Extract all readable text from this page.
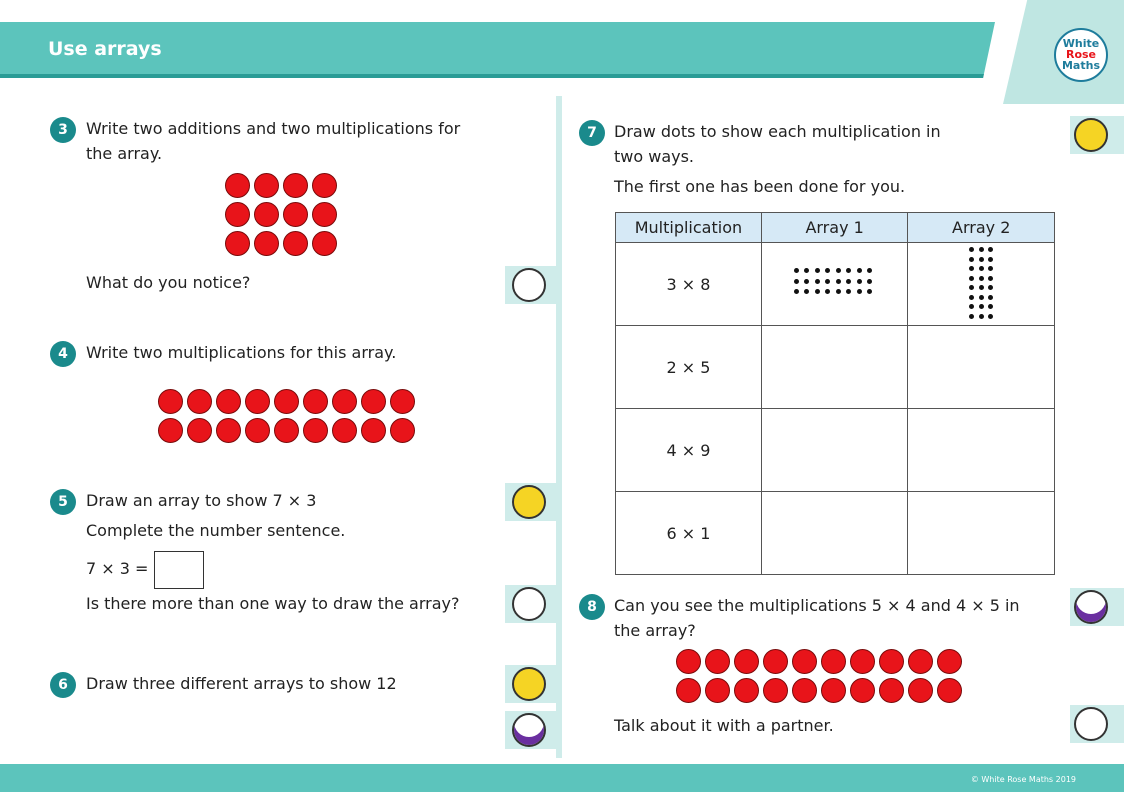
Use arrays	White
Rose
Maths
3	Write two additions and two multiplications for
the array.
What do you notice?
4	Write two multiplications for this array.
5	Draw an array to show 7 × 3
Complete the number sentence.
7 × 3 =
Is there more than one way to draw the array?
6	Draw three different arrays to show 12
7	Draw dots to show each multiplication in
two ways.
The first one has been done for you.
Multiplication	Array 1	Array 2
3 × 8	

2 × 5		
4 × 9		
6 × 1		
8	Can you see the multiplications 5 × 4 and 4 × 5 in
the array?
Talk about it with a partner.
© White Rose Maths 2019
